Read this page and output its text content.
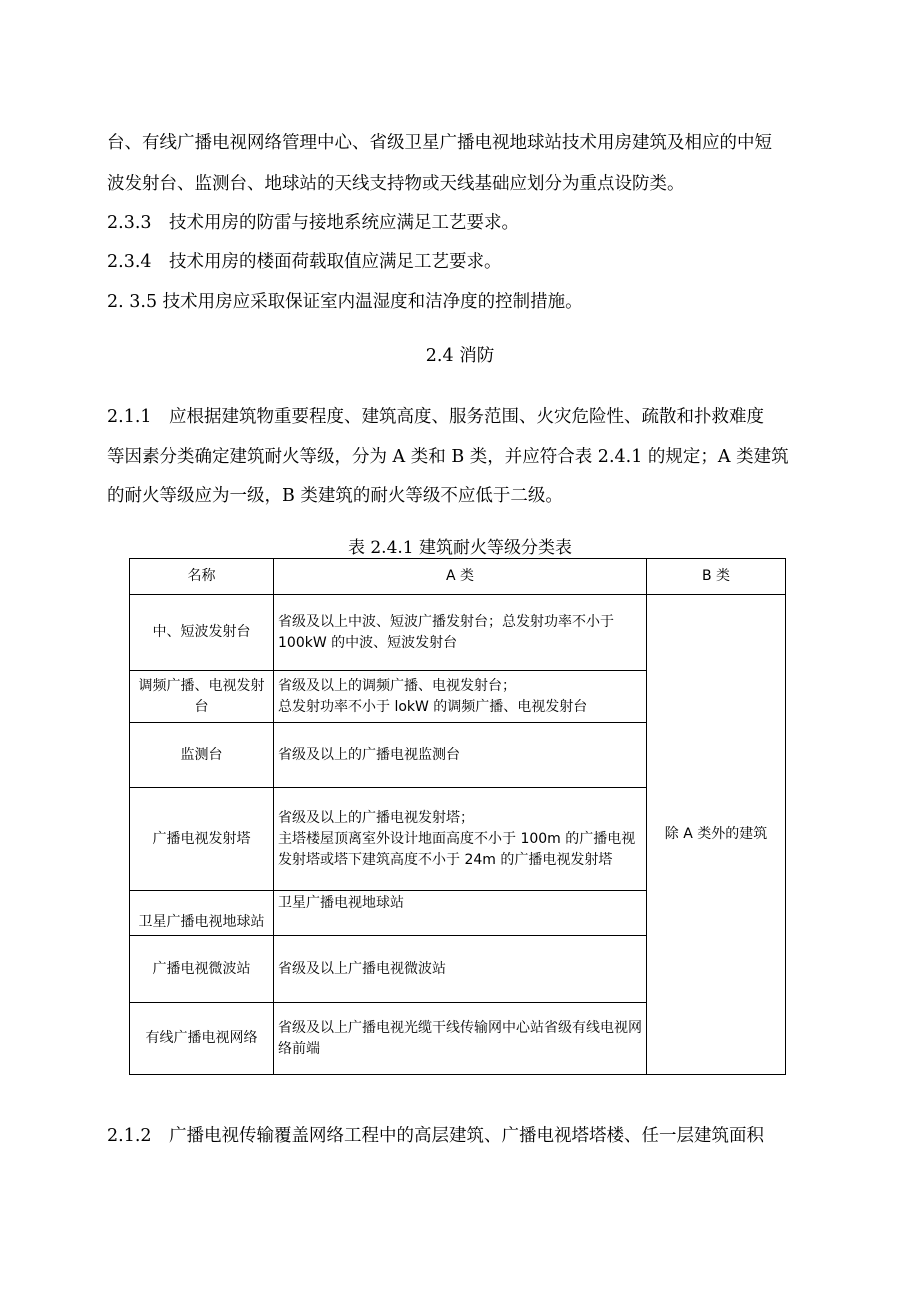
台、有线广播电视网络管理中心、省级卫星广播电视地球站技术用房建筑及相应的中短
波发射台、监测台、地球站的天线支持物或天线基础应划分为重点设防类。
2.3.3　技术用房的防雷与接地系统应满足工艺要求。
2.3.4　技术用房的楼面荷载取值应满足工艺要求。
2. 3.5 技术用房应采取保证室内温湿度和洁净度的控制措施。
2.4 消防
2.1.1　应根据建筑物重要程度、建筑高度、服务范围、火灾危险性、疏散和扑救难度
等因素分类确定建筑耐火等级，分为 A 类和 B 类，并应符合表 2.4.1 的规定；A 类建筑
的耐火等级应为一级，B 类建筑的耐火等级不应低于二级。
表 2.4.1 建筑耐火等级分类表
名称	A 类	B 类
中、短波发射台	省级及以上中波、短波广播发射台；总发射功率不小于 100kW 的中波、短波发射台	除 A 类外的建筑
调频广播、电视发射台	省级及以上的调频广播、电视发射台；
总发射功率不小于 lokW 的调频广播、电视发射台	
监测台	省级及以上的广播电视监测台	
广播电视发射塔	省级及以上的广播电视发射塔；
主塔楼屋顶离室外设计地面高度不小于 100m 的广播电视发射塔或塔下建筑高度不小于 24m 的广播电视发射塔	
卫星广播电视地球站	卫星广播电视地球站	
广播电视微波站	省级及以上广播电视微波站	
有线广播电视网络	省级及以上广播电视光缆干线传输网中心站省级有线电视网络前端	
2.1.2　广播电视传输覆盖网络工程中的高层建筑、广播电视塔塔楼、任一层建筑面积
